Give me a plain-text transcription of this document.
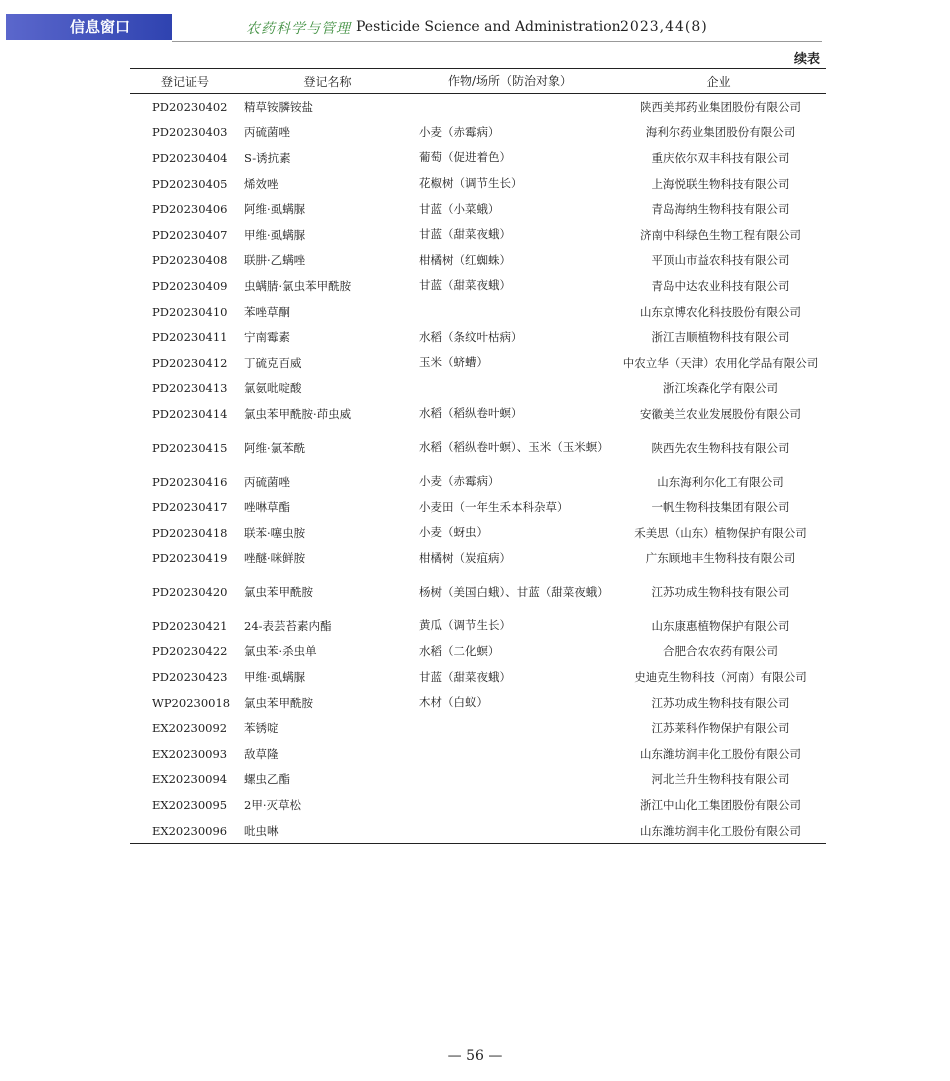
信息窗口	农药科学与管理 Pesticide Science and Administration 2023,44(8)
续表
登记证号	登记名称	作物/场所（防治对象）	企业
PD20230402	精草铵膦铵盐		陕西美邦药业集团股份有限公司
PD20230403	丙硫菌唑	小麦（赤霉病）	海利尔药业集团股份有限公司
PD20230404	S-诱抗素	葡萄（促进着色）	重庆依尔双丰科技有限公司
PD20230405	烯效唑	花椒树（调节生长）	上海悦联生物科技有限公司
PD20230406	阿维·虱螨脲	甘蓝（小菜蛾）	青岛海纳生物科技有限公司
PD20230407	甲维·虱螨脲	甘蓝（甜菜夜蛾）	济南中科绿色生物工程有限公司
PD20230408	联肼·乙螨唑	柑橘树（红蜘蛛）	平顶山市益农科技有限公司
PD20230409	虫螨腈·氯虫苯甲酰胺	甘蓝（甜菜夜蛾）	青岛中达农业科技有限公司
PD20230410	苯唑草酮		山东京博农化科技股份有限公司
PD20230411	宁南霉素	水稻（条纹叶枯病）	浙江吉顺植物科技有限公司
PD20230412	丁硫克百威	玉米（蛴螬）	中农立华（天津）农用化学品有限公司
PD20230413	氯氨吡啶酸		浙江埃森化学有限公司
PD20230414	氯虫苯甲酰胺·茚虫威	水稻（稻纵卷叶螟）	安徽美兰农业发展股份有限公司
PD20230415	阿维·氯苯酰	水稻（稻纵卷叶螟）、玉米（玉米螟）	陕西先农生物科技有限公司
PD20230416	丙硫菌唑	小麦（赤霉病）	山东海利尔化工有限公司
PD20230417	唑啉草酯	小麦田（一年生禾本科杂草）	一帆生物科技集团有限公司
PD20230418	联苯·噻虫胺	小麦（蚜虫）	禾美思（山东）植物保护有限公司
PD20230419	唑醚·咪鲜胺	柑橘树（炭疽病）	广东顾地丰生物科技有限公司
PD20230420	氯虫苯甲酰胺	杨树（美国白蛾）、甘蓝（甜菜夜蛾）	江苏功成生物科技有限公司
PD20230421	24-表芸苔素内酯	黄瓜（调节生长）	山东康惠植物保护有限公司
PD20230422	氯虫苯·杀虫单	水稻（二化螟）	合肥合农农药有限公司
PD20230423	甲维·虱螨脲	甘蓝（甜菜夜蛾）	史迪克生物科技（河南）有限公司
WP20230018	氯虫苯甲酰胺	木材（白蚁）	江苏功成生物科技有限公司
EX20230092	苯锈啶		江苏莱科作物保护有限公司
EX20230093	敌草隆		山东潍坊润丰化工股份有限公司
EX20230094	螺虫乙酯		河北兰升生物科技有限公司
EX20230095	2甲·灭草松		浙江中山化工集团股份有限公司
EX20230096	吡虫啉		山东潍坊润丰化工股份有限公司
— 56 —
